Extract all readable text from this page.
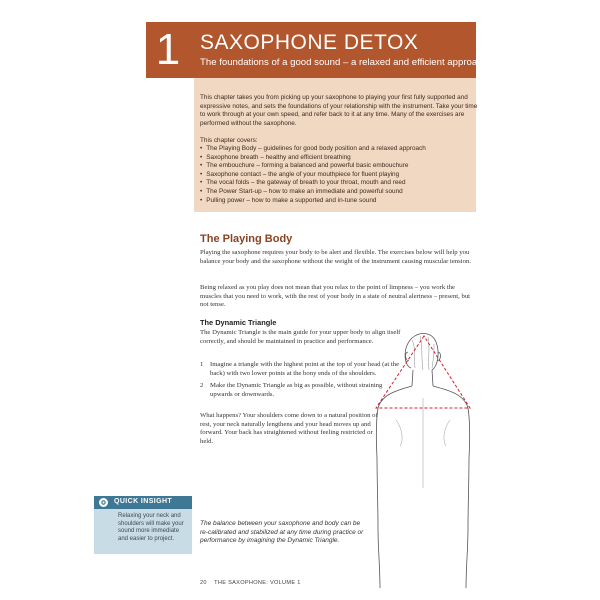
1 SAXOPHONE DETOX
The foundations of a good sound – a relaxed and efficient approach
This chapter takes you from picking up your saxophone to playing your first fully supported and expressive notes, and sets the foundations of your relationship with the instrument. Take your time to work through at your own speed, and refer back to it at any time. Many of the exercises are performed without the saxophone.
This chapter covers:
• The Playing Body – guidelines for good body position and a relaxed approach
• Saxophone breath – healthy and efficient breathing
• The embouchure – forming a balanced and powerful basic embouchure
• Saxophone contact – the angle of your mouthpiece for fluent playing
• The vocal folds – the gateway of breath to your throat, mouth and reed
• The Power Start-up – how to make an immediate and powerful sound
• Pulling power – how to make a supported and in-tune sound
The Playing Body
Playing the saxophone requires your body to be alert and flexible. The exercises below will help you balance your body and the saxophone without the weight of the instrument causing muscular tension.
Being relaxed as you play does not mean that you relax to the point of limpness – you work the muscles that you need to work, with the rest of your body in a state of neutral alertness – present, but not tense.
The Dynamic Triangle
The Dynamic Triangle is the main guide for your upper body to align itself correctly, and should be maintained in practice and performance.
1 Imagine a triangle with the highest point at the top of your head (at the back) with two lower points at the bony ends of the shoulders.
2 Make the Dynamic Triangle as big as possible, without straining upwards or downwards.
What happens? Your shoulders come down to a natural position of rest, your neck naturally lengthens and your head moves up and forward. Your back has straightened without feeling restricted or held.
QUICK INSIGHT
Relaxing your neck and shoulders will make your sound more immediate and easier to project.
The balance between your saxophone and body can be re-calibrated and stabilized at any time during practice or performance by imagining the Dynamic Triangle.
20 THE SAXOPHONE: VOLUME 1
